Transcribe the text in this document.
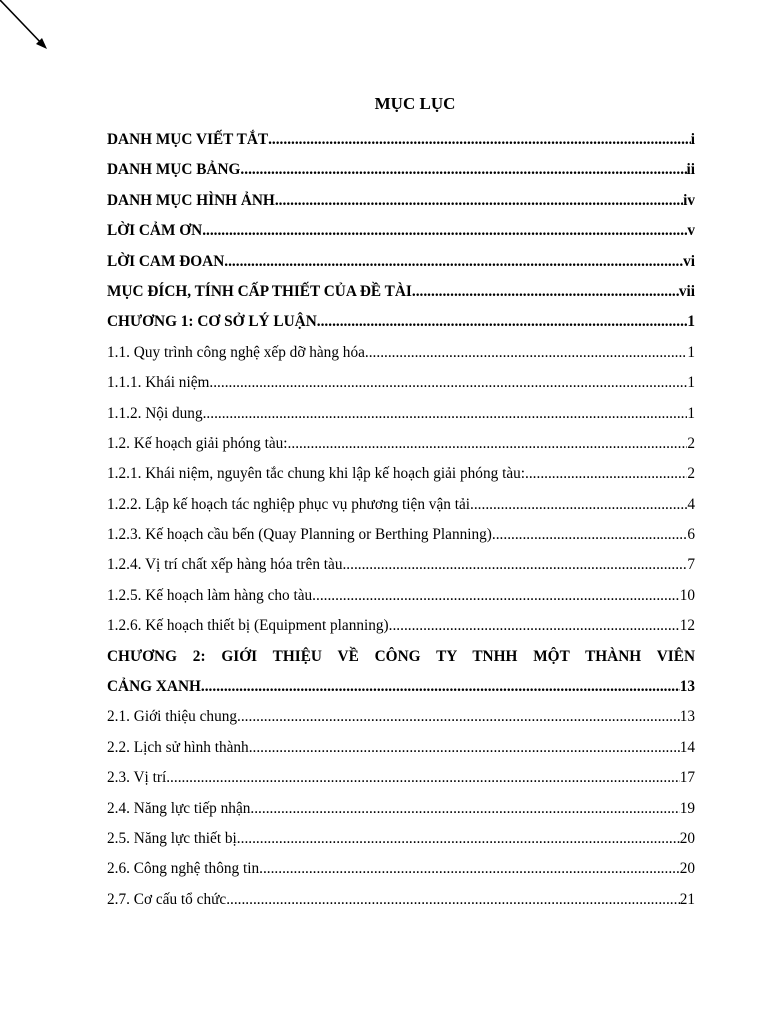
MỤC LỤC
DANH MỤC VIẾT TẮT .....	i
DANH MỤC BẢNG .....	ii
DANH MỤC HÌNH ẢNH .....	iv
LỜI CẢM ƠN .....	v
LỜI CAM ĐOAN .....	vi
MỤC ĐÍCH, TÍNH CẤP THIẾT CỦA ĐỀ TÀI .....	vii
CHƯƠNG 1: CƠ SỞ LÝ LUẬN .....	1
1.1. Quy trình công nghệ xếp dỡ hàng hóa .....	1
1.1.1. Khái niệm .....	1
1.1.2. Nội dung .....	1
1.2. Kế hoạch giải phóng tàu: .....	2
1.2.1. Khái niệm, nguyên tắc chung khi lập kế hoạch giải phóng tàu: .....	2
1.2.2. Lập kế hoạch tác nghiệp phục vụ phương tiện vận tải .....	4
1.2.3. Kế hoạch cầu bến (Quay Planning or Berthing Planning) .....	6
1.2.4. Vị trí chất xếp hàng hóa trên tàu .....	7
1.2.5. Kế hoạch làm hàng cho tàu .....	10
1.2.6. Kế hoạch thiết bị (Equipment planning) .....	12
CHƯƠNG 2: GIỚI THIỆU VỀ CÔNG TY TNHH MỘT THÀNH VIÊN
CẢNG XANH .....	13
2.1. Giới thiệu chung .....	13
2.2. Lịch sử hình thành .....	14
2.3. Vị trí .....	17
2.4. Năng lực tiếp nhận .....	19
2.5. Năng lực thiết bị .....	20
2.6. Công nghệ thông tin .....	20
2.7. Cơ cấu tổ chức .....	21
